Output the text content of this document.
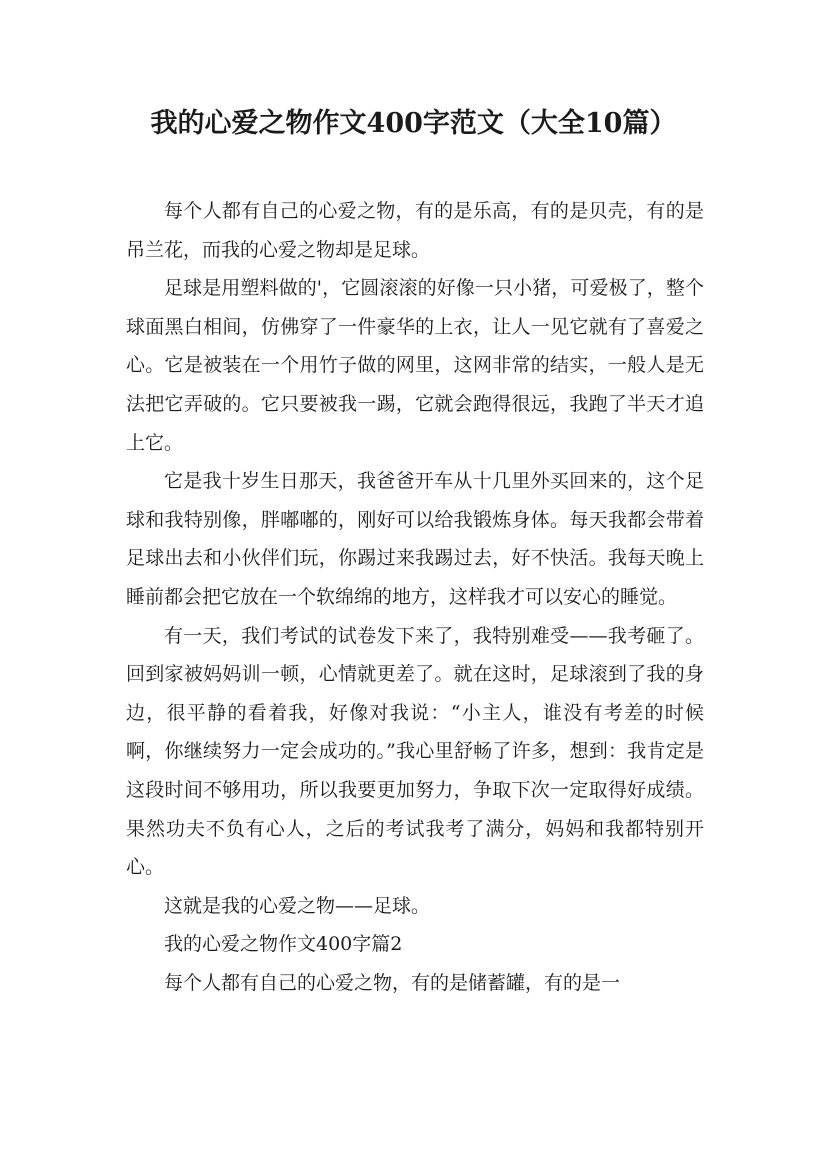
我的心爱之物作文400字范文（大全10篇）

每个人都有自己的心爱之物，有的是乐高，有的是贝壳，有的是吊兰花，而我的心爱之物却是足球。

足球是用塑料做的'，它圆滚滚的好像一只小猪，可爱极了，整个球面黑白相间，仿佛穿了一件豪华的上衣，让人一见它就有了喜爱之心。它是被装在一个用竹子做的网里，这网非常的结实，一般人是无法把它弄破的。它只要被我一踢，它就会跑得很远，我跑了半天才追上它。

它是我十岁生日那天，我爸爸开车从十几里外买回来的，这个足球和我特别像，胖嘟嘟的，刚好可以给我锻炼身体。每天我都会带着足球出去和小伙伴们玩，你踢过来我踢过去，好不快活。我每天晚上睡前都会把它放在一个软绵绵的地方，这样我才可以安心的睡觉。

有一天，我们考试的试卷发下来了，我特别难受——我考砸了。回到家被妈妈训一顿，心情就更差了。就在这时，足球滚到了我的身边，很平静的看着我，好像对我说：“小主人，谁没有考差的时候啊，你继续努力一定会成功的。”我心里舒畅了许多，想到：我肯定是这段时间不够用功，所以我要更加努力，争取下次一定取得好成绩。果然功夫不负有心人，之后的考试我考了满分，妈妈和我都特别开心。

这就是我的心爱之物——足球。

我的心爱之物作文400字篇2

每个人都有自己的心爱之物，有的是储蓄罐，有的是一
